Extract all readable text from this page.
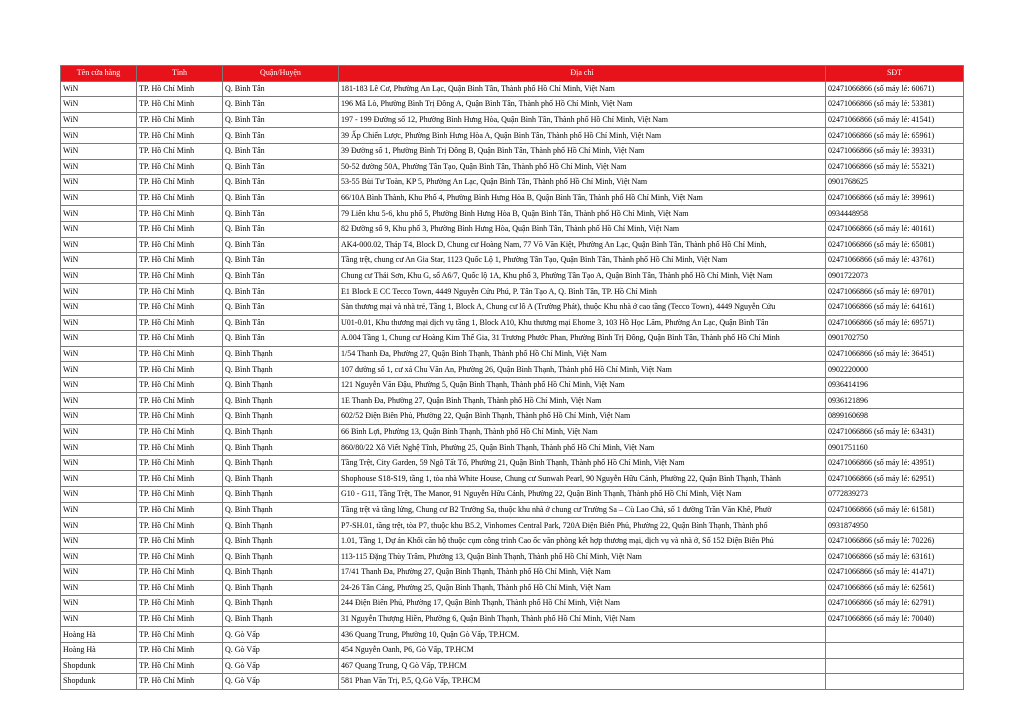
Tên cửa hàng	Tỉnh	Quận/Huyện	Địa chỉ	SĐT
WiN	TP. Hồ Chí Minh	Q. Bình Tân	181-183 Lê Cơ, Phường An Lạc, Quận Bình Tân, Thành phố Hồ Chí Minh, Việt Nam	02471066866 (số máy lẻ: 60671)
WiN	TP. Hồ Chí Minh	Q. Bình Tân	196 Mã Lò, Phường Bình Trị Đông A, Quận Bình Tân, Thành phố Hồ Chí Minh, Việt Nam	02471066866 (số máy lẻ: 53381)
WiN	TP. Hồ Chí Minh	Q. Bình Tân	197 - 199 Đường số 12, Phường Bình Hưng Hòa, Quận Bình Tân, Thành phố Hồ Chí Minh, Việt Nam	02471066866 (số máy lẻ: 41541)
WiN	TP. Hồ Chí Minh	Q. Bình Tân	39 Ấp Chiến Lược, Phường Bình Hưng Hòa A, Quận Bình Tân, Thành phố Hồ Chí Minh, Việt Nam	02471066866 (số máy lẻ: 65961)
WiN	TP. Hồ Chí Minh	Q. Bình Tân	39 Đường số 1, Phường Bình Trị Đông B, Quận Bình Tân, Thành phố Hồ Chí Minh, Việt Nam	02471066866 (số máy lẻ: 39331)
WiN	TP. Hồ Chí Minh	Q. Bình Tân	50-52 đường 50A, Phường Tân Tạo, Quận Bình Tân, Thành phố Hồ Chí Minh, Việt Nam	02471066866 (số máy lẻ: 55321)
WiN	TP. Hồ Chí Minh	Q. Bình Tân	53-55 Bùi Tư Toàn, KP 5, Phường An Lạc, Quận Bình Tân, Thành phố Hồ Chí Minh, Việt Nam	0901768625
WiN	TP. Hồ Chí Minh	Q. Bình Tân	66/10A Bình Thành, Khu Phố 4, Phường Bình Hưng Hòa B, Quận Bình Tân, Thành phố Hồ Chí Minh, Việt Nam	02471066866 (số máy lẻ: 39961)
WiN	TP. Hồ Chí Minh	Q. Bình Tân	79 Liên khu 5-6, khu phố 5, Phường Bình Hưng Hòa B, Quận Bình Tân, Thành phố Hồ Chí Minh, Việt Nam	0934448958
WiN	TP. Hồ Chí Minh	Q. Bình Tân	82 Đường số 9, Khu phố 3, Phường Bình Hưng Hòa, Quận Bình Tân, Thành phố Hồ Chí Minh, Việt Nam	02471066866 (số máy lẻ: 40161)
WiN	TP. Hồ Chí Minh	Q. Bình Tân	AK4-000.02, Tháp T4, Block D, Chung cư Hoàng Nam, 77 Võ Văn Kiệt, Phường An Lạc, Quận Bình Tân, Thành phố Hồ Chí Minh,	02471066866 (số máy lẻ: 65081)
WiN	TP. Hồ Chí Minh	Q. Bình Tân	Tầng trệt, chung cư An Gia Star, 1123 Quốc Lộ 1, Phường Tân Tạo, Quận Bình Tân, Thành phố Hồ Chí Minh, Việt Nam	02471066866 (số máy lẻ: 43761)
WiN	TP. Hồ Chí Minh	Q. Bình Tân	Chung cư Thái Sơn, Khu G, số A6/7, Quốc lộ 1A, Khu phố 3, Phường Tân Tạo A, Quận Bình Tân, Thành phố Hồ Chí Minh, Việt Nam	0901722073
WiN	TP. Hồ Chí Minh	Q. Bình Tân	E1 Block E CC Tecco Town, 4449 Nguyễn Cửu Phú, P. Tân Tạo A, Q. Bình Tân, TP. Hồ Chí Minh	02471066866 (số máy lẻ: 69701)
WiN	TP. Hồ Chí Minh	Q. Bình Tân	Sàn thương mại và nhà trẻ, Tầng 1, Block A, Chung cư lô A (Trường Phát), thuộc Khu nhà ở cao tầng (Tecco Town), 4449 Nguyễn Cửu	02471066866 (số máy lẻ: 64161)
WiN	TP. Hồ Chí Minh	Q. Bình Tân	U01-0.01, Khu thương mại dịch vụ tầng 1, Block A10, Khu thương mại Ehome 3, 103 Hồ Học Lãm, Phường An Lạc, Quận Bình Tân	02471066866 (số máy lẻ: 69571)
WiN	TP. Hồ Chí Minh	Q. Bình Tân	A.004 Tầng 1, Chung cư Hoàng Kim Thế Gia, 31 Trương Phước Phan, Phường Bình Trị Đông, Quận Bình Tân, Thành phố Hồ Chí Minh	0901702750
WiN	TP. Hồ Chí Minh	Q. Bình Thạnh	1/54 Thanh Đa, Phường 27, Quận Bình Thạnh, Thành phố Hồ Chí Minh, Việt Nam	02471066866 (số máy lẻ: 36451)
WiN	TP. Hồ Chí Minh	Q. Bình Thạnh	107 đường số 1, cư xá Chu Văn An, Phường 26, Quận Bình Thạnh, Thành phố Hồ Chí Minh, Việt Nam	0902220000
WiN	TP. Hồ Chí Minh	Q. Bình Thạnh	121 Nguyễn Văn Đậu, Phường 5, Quận Bình Thạnh, Thành phố Hồ Chí Minh, Việt Nam	0936414196
WiN	TP. Hồ Chí Minh	Q. Bình Thạnh	1E Thanh Đa, Phường 27, Quận Bình Thạnh, Thành phố Hồ Chí Minh, Việt Nam	0936121896
WiN	TP. Hồ Chí Minh	Q. Bình Thạnh	602/52 Điện Biên Phủ, Phường 22, Quận Bình Thạnh, Thành phố Hồ Chí Minh, Việt Nam	0899160698
WiN	TP. Hồ Chí Minh	Q. Bình Thạnh	66 Bình Lợi, Phường 13, Quận Bình Thạnh, Thành phố Hồ Chí Minh, Việt Nam	02471066866 (số máy lẻ: 63431)
WiN	TP. Hồ Chí Minh	Q. Bình Thạnh	860/80/22 Xô Viết Nghệ Tĩnh, Phường 25, Quận Bình Thạnh, Thành phố Hồ Chí Minh, Việt Nam	0901751160
WiN	TP. Hồ Chí Minh	Q. Bình Thạnh	Tầng Trệt, City Garden, 59 Ngô Tất Tố, Phường 21, Quận Bình Thạnh, Thành phố Hồ Chí Minh, Việt Nam	02471066866 (số máy lẻ: 43951)
WiN	TP. Hồ Chí Minh	Q. Bình Thạnh	Shophouse S18-S19, tầng 1, tòa nhà White House, Chung cư Sunwah Pearl, 90 Nguyễn Hữu Cảnh, Phường 22, Quận Bình Thạnh, Thành	02471066866 (số máy lẻ: 62951)
WiN	TP. Hồ Chí Minh	Q. Bình Thạnh	G10 - G11, Tầng Trệt, The Manor, 91 Nguyễn Hữu Cảnh, Phường 22, Quận Bình Thạnh, Thành phố Hồ Chí Minh, Việt Nam	0772839273
WiN	TP. Hồ Chí Minh	Q. Bình Thạnh	Tầng trệt và tầng lửng, Chung cư B2 Trường Sa, thuộc khu nhà ở chung cư Trường Sa – Cù Lao Chà, số 1 đường Trần Văn Khê, Phườ	02471066866 (số máy lẻ: 61581)
WiN	TP. Hồ Chí Minh	Q. Bình Thạnh	P7-SH.01, tầng trệt, tòa P7, thuộc khu B5.2, Vinhomes Central Park, 720A Điện Biên Phủ, Phường 22, Quận Bình Thạnh, Thành phố	0931874950
WiN	TP. Hồ Chí Minh	Q. Bình Thạnh	1.01, Tầng 1, Dự án Khối căn hộ thuộc cụm công trình Cao ốc văn phòng kết hợp thương mại, dịch vụ và nhà ở, Số 152 Điện Biên Phủ	02471066866 (số máy lẻ: 70226)
WiN	TP. Hồ Chí Minh	Q. Bình Thạnh	113-115 Đặng Thùy Trâm, Phường 13, Quận Bình Thạnh, Thành phố Hồ Chí Minh, Việt Nam	02471066866 (số máy lẻ: 63161)
WiN	TP. Hồ Chí Minh	Q. Bình Thạnh	17/41 Thanh Đa, Phường 27, Quận Bình Thạnh, Thành phố Hồ Chí Minh, Việt Nam	02471066866 (số máy lẻ: 41471)
WiN	TP. Hồ Chí Minh	Q. Bình Thạnh	24-26 Tân Cảng, Phường 25, Quận Bình Thạnh, Thành phố Hồ Chí Minh, Việt Nam	02471066866 (số máy lẻ: 62561)
WiN	TP. Hồ Chí Minh	Q. Bình Thạnh	244 Điện Biên Phủ, Phường 17, Quận Bình Thạnh, Thành phố Hồ Chí Minh, Việt Nam	02471066866 (số máy lẻ: 62791)
WiN	TP. Hồ Chí Minh	Q. Bình Thạnh	31 Nguyễn Thượng Hiền, Phường 6, Quận Bình Thạnh, Thành phố Hồ Chí Minh, Việt Nam	02471066866 (số máy lẻ: 70040)
Hoàng Hà	TP. Hồ Chí Minh	Q. Gò Vấp	436 Quang Trung, Phường 10, Quận Gò Vấp, TP.HCM.	
Hoàng Hà	TP. Hồ Chí Minh	Q. Gò Vấp	454 Nguyễn Oanh, P6, Gò Vấp, TP.HCM	
Shopdunk	TP. Hồ Chí Minh	Q. Gò Vấp	467 Quang Trung, Q Gò Vấp, TP.HCM	
Shopdunk	TP. Hồ Chí Minh	Q. Gò Vấp	581 Phan Văn Trị, P.5, Q.Gò Vấp, TP.HCM	
